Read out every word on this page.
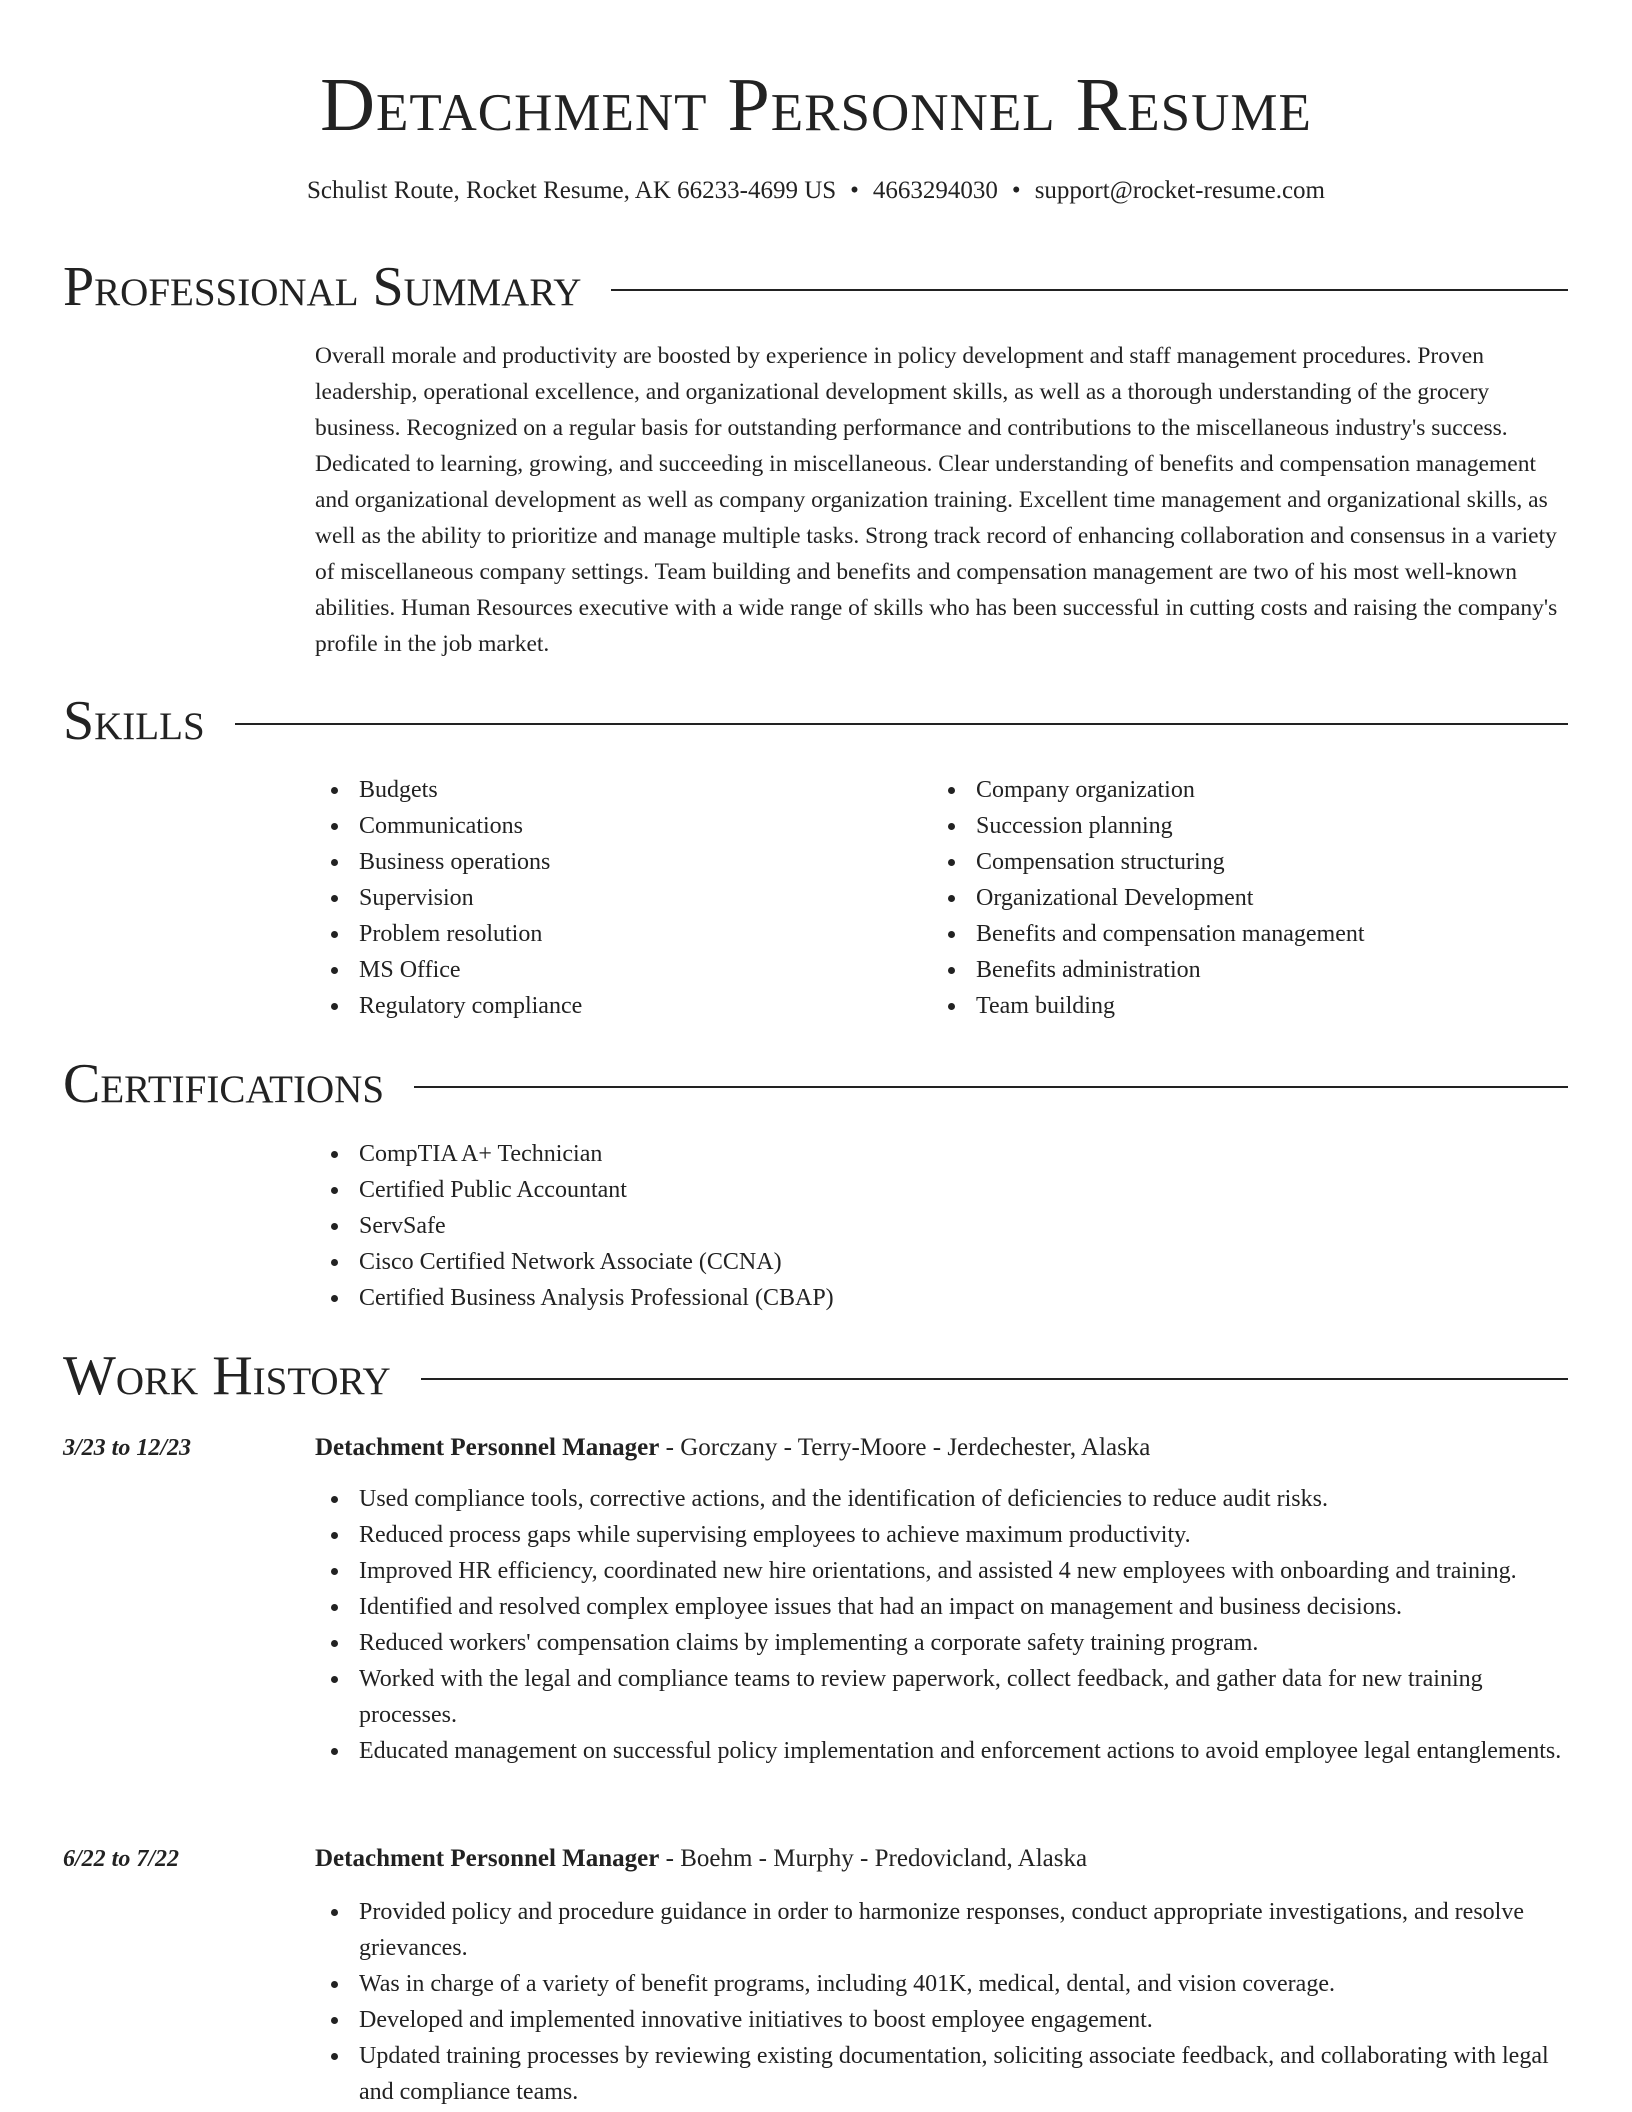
Detachment Personnel Resume
Schulist Route, Rocket Resume, AK 66233-4699 US • 4663294030 • support@rocket-resume.com
Professional Summary

Overall morale and productivity are boosted by experience in policy development and staff management procedures. Proven leadership, operational excellence, and organizational development skills, as well as a thorough understanding of the grocery business. Recognized on a regular basis for outstanding performance and contributions to the miscellaneous industry's success. Dedicated to learning, growing, and succeeding in miscellaneous. Clear understanding of benefits and compensation management and organizational development as well as company organization training. Excellent time management and organizational skills, as well as the ability to prioritize and manage multiple tasks. Strong track record of enhancing collaboration and consensus in a variety of miscellaneous company settings. Team building and benefits and compensation management are two of his most well-known abilities. Human Resources executive with a wide range of skills who has been successful in cutting costs and raising the company's profile in the job market.

Skills
Budgets
Communications
Business operations
Supervision
Problem resolution
MS Office
Regulatory compliance
Company organization
Succession planning
Compensation structuring
Organizational Development
Benefits and compensation management
Benefits administration
Team building
Certifications
CompTIA A+ Technician
Certified Public Accountant
ServSafe
Cisco Certified Network Associate (CCNA)
Certified Business Analysis Professional (CBAP)
Work History
3/23 to 12/23	Detachment Personnel Manager - Gorczany - Terry-Moore - Jerdechester, Alaska
Used compliance tools, corrective actions, and the identification of deficiencies to reduce audit risks.
Reduced process gaps while supervising employees to achieve maximum productivity.
Improved HR efficiency, coordinated new hire orientations, and assisted 4 new employees with onboarding and training.
Identified and resolved complex employee issues that had an impact on management and business decisions.
Reduced workers' compensation claims by implementing a corporate safety training program.
Worked with the legal and compliance teams to review paperwork, collect feedback, and gather data for new training processes.
Educated management on successful policy implementation and enforcement actions to avoid employee legal entanglements.
6/22 to 7/22	Detachment Personnel Manager - Boehm - Murphy - Predovicland, Alaska
Provided policy and procedure guidance in order to harmonize responses, conduct appropriate investigations, and resolve grievances.
Was in charge of a variety of benefit programs, including 401K, medical, dental, and vision coverage.
Developed and implemented innovative initiatives to boost employee engagement.
Updated training processes by reviewing existing documentation, soliciting associate feedback, and collaborating with legal and compliance teams.
